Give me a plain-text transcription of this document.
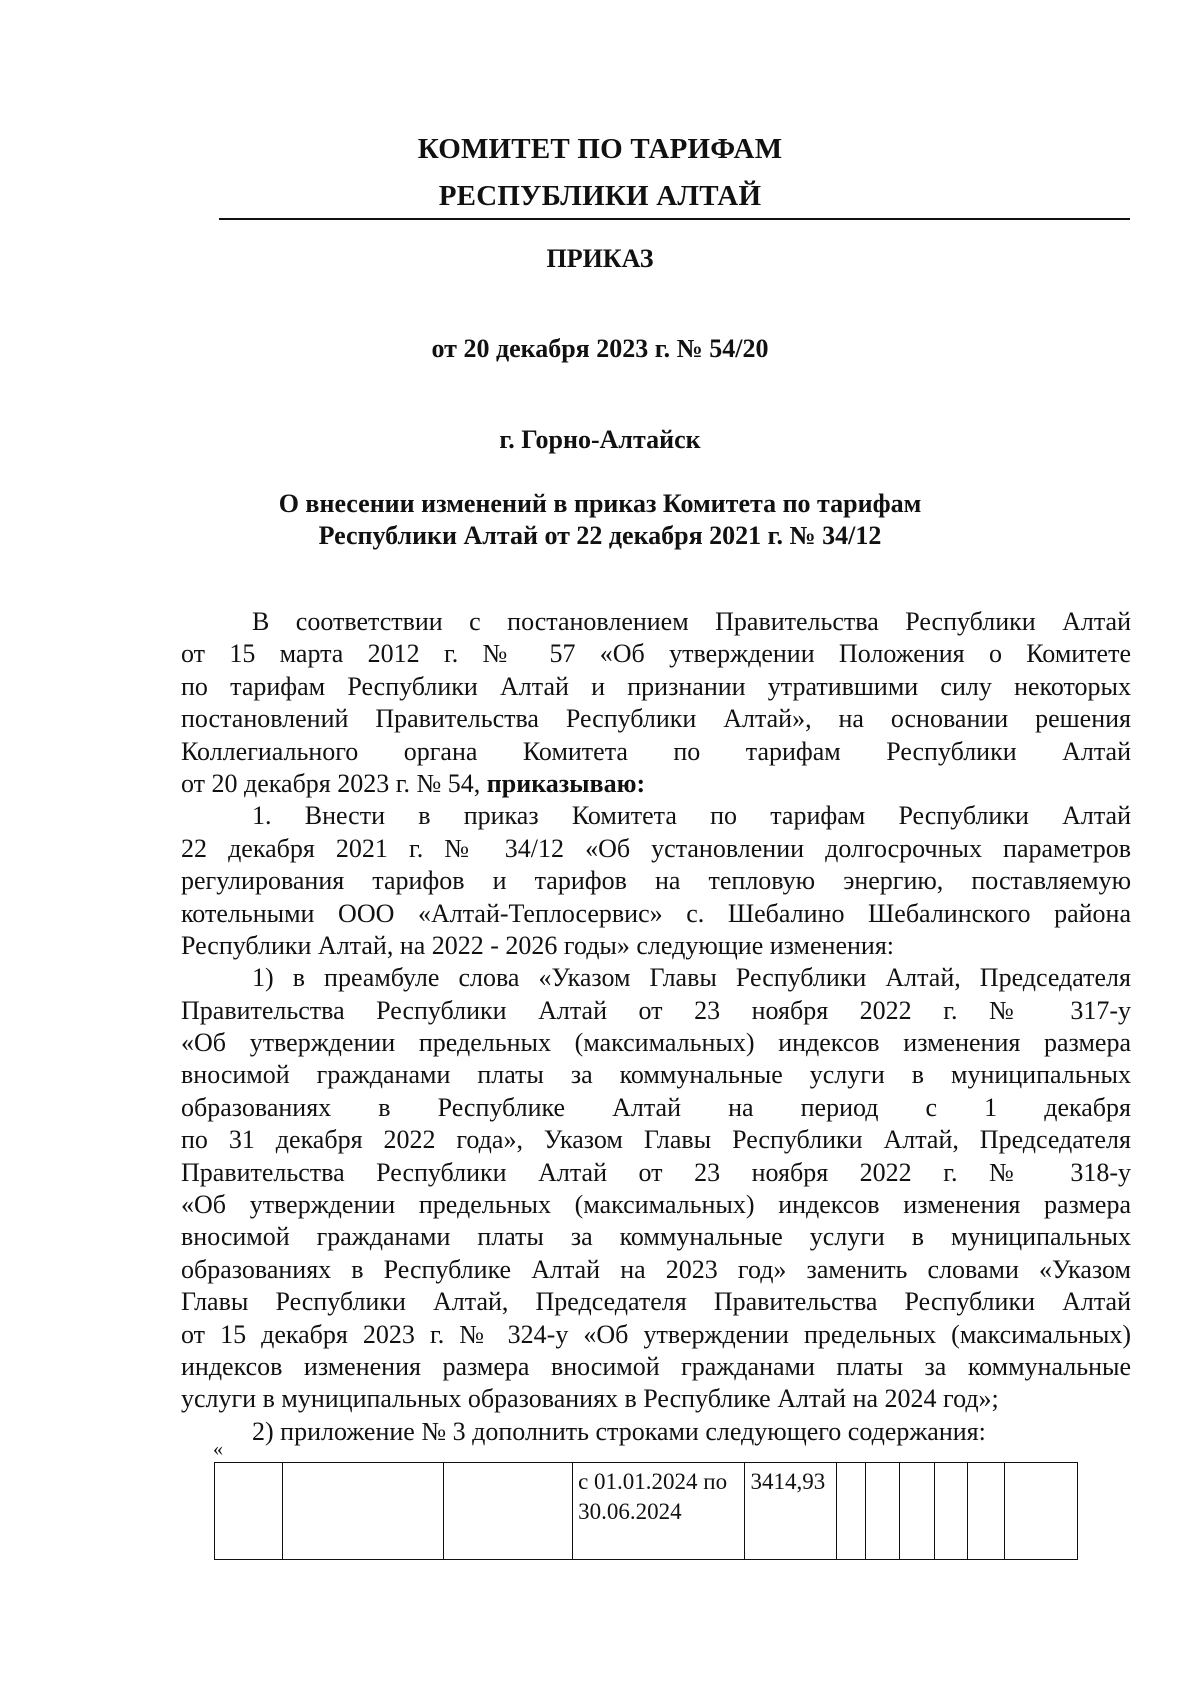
КОМИТЕТ ПО ТАРИФАМ
РЕСПУБЛИКИ АЛТАЙ
ПРИКАЗ
от 20 декабря 2023 г. № 54/20
г. Горно-Алтайск
О внесении изменений в приказ Комитета по тарифам
Республики Алтай от 22 декабря 2021 г. № 34/12
В соответствии с постановлением Правительства Республики Алтай
от 15 марта 2012 г. № 57 «Об утверждении Положения о Комитете
по тарифам Республики Алтай и признании утратившими силу некоторых
постановлений Правительства Республики Алтай», на основании решения
Коллегиального органа Комитета по тарифам Республики Алтай
от 20 декабря 2023 г. № 54, приказываю:
1. Внести в приказ Комитета по тарифам Республики Алтай
22 декабря 2021 г. № 34/12 «Об установлении долгосрочных параметров
регулирования тарифов и тарифов на тепловую энергию, поставляемую
котельными ООО «Алтай-Теплосервис» с. Шебалино Шебалинского района
Республики Алтай, на 2022 - 2026 годы» следующие изменения:
1) в преамбуле слова «Указом Главы Республики Алтай, Председателя
Правительства Республики Алтай от 23 ноября 2022 г. № 317-у
«Об утверждении предельных (максимальных) индексов изменения размера
вносимой гражданами платы за коммунальные услуги в муниципальных
образованиях в Республике Алтай на период с 1 декабря
по 31 декабря 2022 года», Указом Главы Республики Алтай, Председателя
Правительства Республики Алтай от 23 ноября 2022 г. № 318-у
«Об утверждении предельных (максимальных) индексов изменения размера
вносимой гражданами платы за коммунальные услуги в муниципальных
образованиях в Республике Алтай на 2023 год» заменить словами «Указом
Главы Республики Алтай, Председателя Правительства Республики Алтай
от 15 декабря 2023 г. № 324-у «Об утверждении предельных (максимальных)
индексов изменения размера вносимой гражданами платы за коммунальные
услуги в муниципальных образованиях в Республике Алтай на 2024 год»;
2) приложение № 3 дополнить строками следующего содержания:
«
			с 01.01.2024 по 30.06.2024	3414,93						
